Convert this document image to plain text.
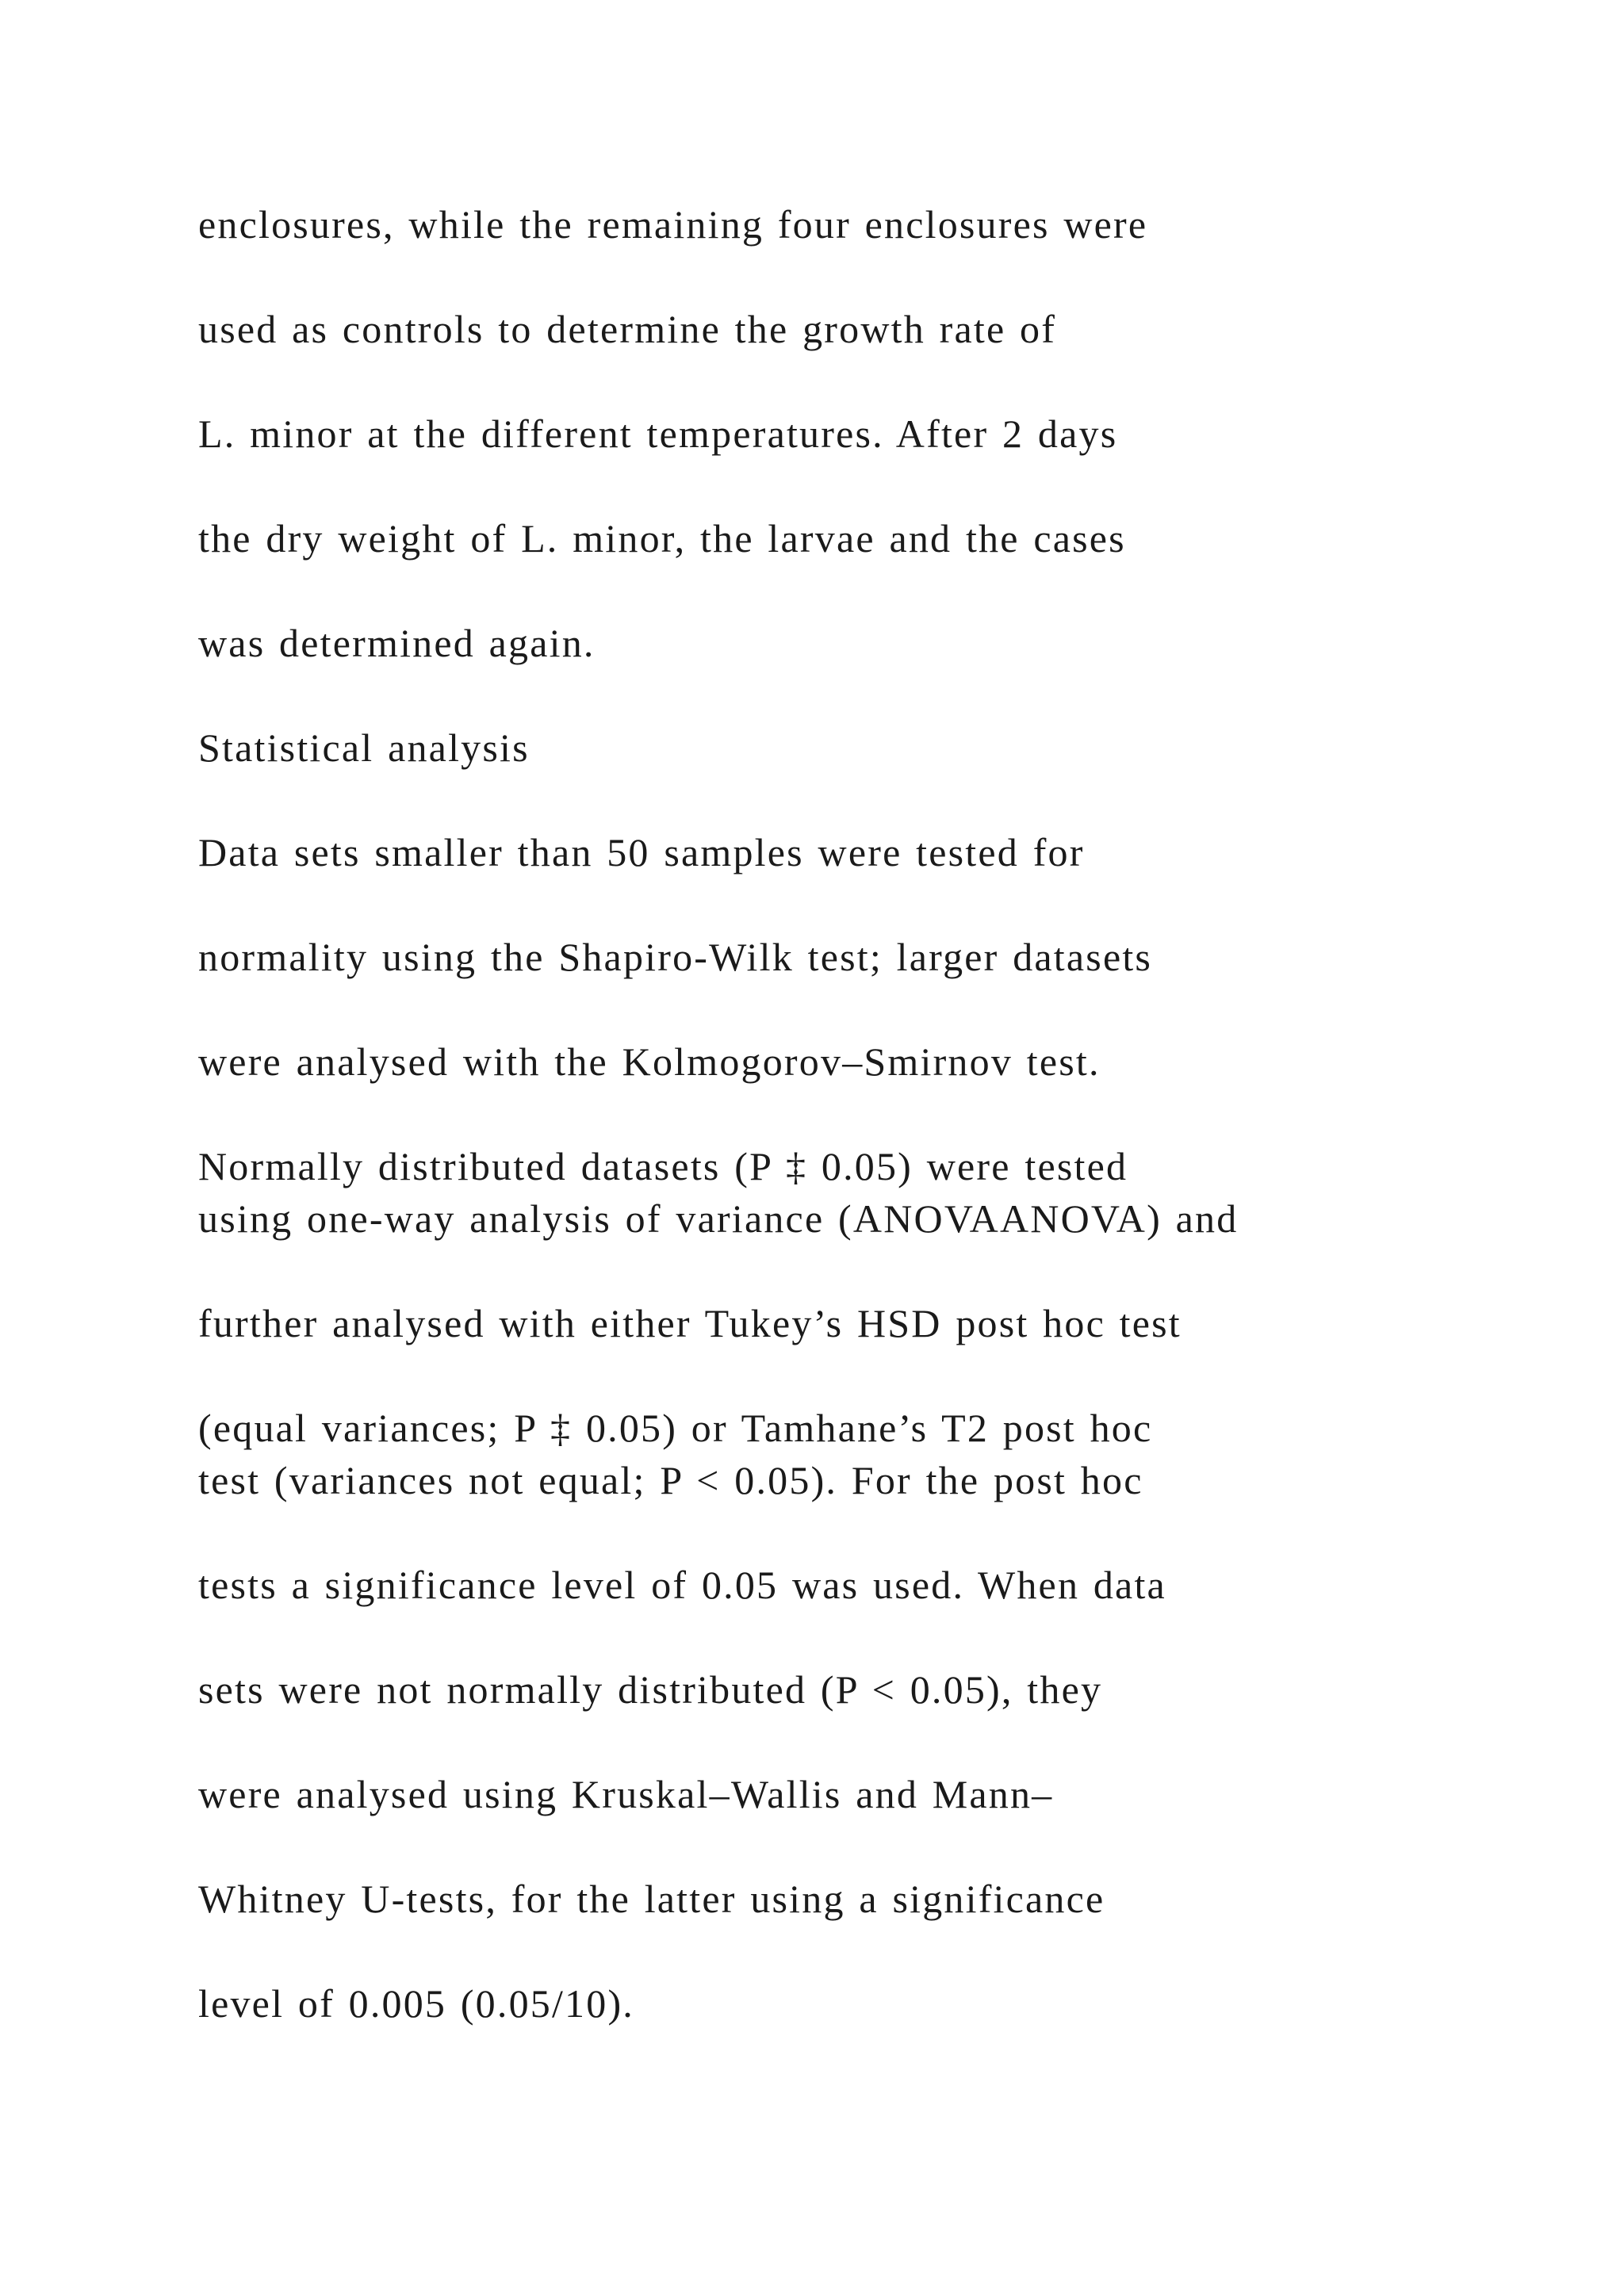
enclosures, while the remaining four enclosures were

used as controls to determine the growth rate of

L. minor at the different temperatures. After 2 days

the dry weight of L. minor, the larvae and the cases

was determined again.

Statistical analysis

Data sets smaller than 50 samples were tested for

normality using the Shapiro-Wilk test; larger datasets

were analysed with the Kolmogorov–Smirnov test.

Normally distributed datasets (P ‡ 0.05) were tested

using one-way analysis of variance (ANOVAANOVA) and

further analysed with either Tukey’s HSD post hoc test

(equal variances; P ‡ 0.05) or Tamhane’s T2 post hoc

test (variances not equal; P < 0.05). For the post hoc

tests a significance level of 0.05 was used. When data

sets were not normally distributed (P < 0.05), they

were analysed using Kruskal–Wallis and Mann–

Whitney U-tests, for the latter using a significance

level of 0.005 (0.05/10).
